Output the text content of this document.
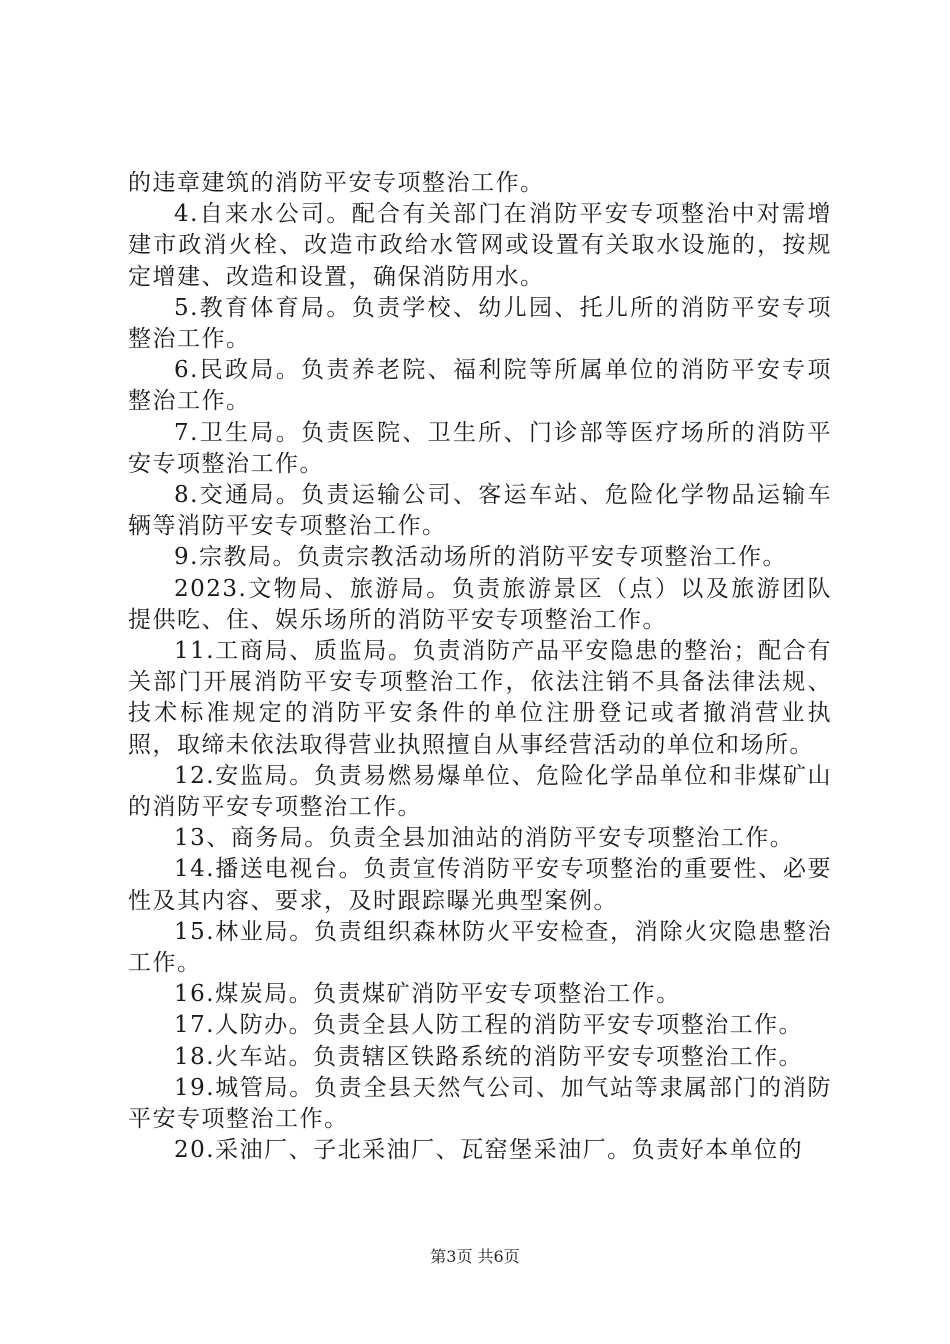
的违章建筑的消防平安专项整治工作。

4.自来水公司。配合有关部门在消防平安专项整治中对需增建市政消火栓、改造市政给水管网或设置有关取水设施的，按规定增建、改造和设置，确保消防用水。

5.教育体育局。负责学校、幼儿园、托儿所的消防平安专项整治工作。

6.民政局。负责养老院、福利院等所属单位的消防平安专项整治工作。

7.卫生局。负责医院、卫生所、门诊部等医疗场所的消防平安专项整治工作。

8.交通局。负责运输公司、客运车站、危险化学物品运输车辆等消防平安专项整治工作。

9.宗教局。负责宗教活动场所的消防平安专项整治工作。

2023.文物局、旅游局。负责旅游景区（点）以及旅游团队提供吃、住、娱乐场所的消防平安专项整治工作。

11.工商局、质监局。负责消防产品平安隐患的整治；配合有关部门开展消防平安专项整治工作，依法注销不具备法律法规、技术标准规定的消防平安条件的单位注册登记或者撤消营业执照，取缔未依法取得营业执照擅自从事经营活动的单位和场所。

12.安监局。负责易燃易爆单位、危险化学品单位和非煤矿山的消防平安专项整治工作。

13、商务局。负责全县加油站的消防平安专项整治工作。

14.播送电视台。负责宣传消防平安专项整治的重要性、必要性及其内容、要求，及时跟踪曝光典型案例。

15.林业局。负责组织森林防火平安检查，消除火灾隐患整治工作。

16.煤炭局。负责煤矿消防平安专项整治工作。

17.人防办。负责全县人防工程的消防平安专项整治工作。

18.火车站。负责辖区铁路系统的消防平安专项整治工作。

19.城管局。负责全县天然气公司、加气站等隶属部门的消防平安专项整治工作。

20.采油厂、子北采油厂、瓦窑堡采油厂。负责好本单位的

第3页 共6页
